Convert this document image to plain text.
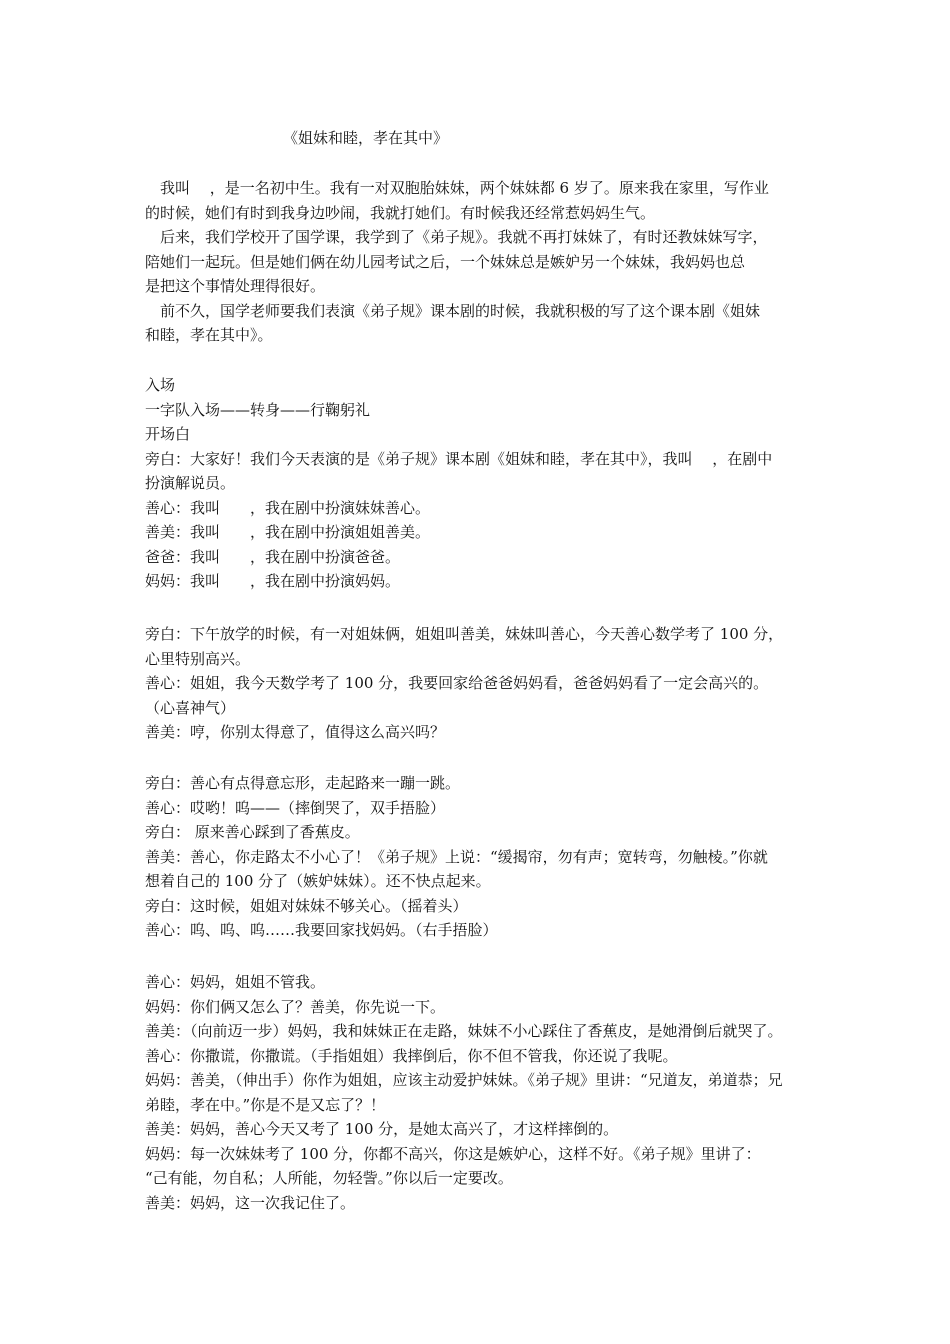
《姐妹和睦，孝在其中》
我叫　 ，是一名初中生。我有一对双胞胎妹妹，两个妹妹都 6 岁了。原来我在家里，写作业
的时候，她们有时到我身边吵闹，我就打她们。有时候我还经常惹妈妈生气。
后来，我们学校开了国学课，我学到了《弟子规》。我就不再打妹妹了，有时还教妹妹写字，
陪她们一起玩。但是她们俩在幼儿园考试之后，一个妹妹总是嫉妒另一个妹妹，我妈妈也总
是把这个事情处理得很好。
前不久，国学老师要我们表演《弟子规》课本剧的时候，我就积极的写了这个课本剧《姐妹
和睦，孝在其中》。
入场
一字队入场——转身——行鞠躬礼
开场白
旁白：大家好！我们今天表演的是《弟子规》课本剧《姐妹和睦，孝在其中》，我叫　 ，在剧中
扮演解说员。
善心：我叫　　，我在剧中扮演妹妹善心。
善美：我叫　　，我在剧中扮演姐姐善美。
爸爸：我叫　　，我在剧中扮演爸爸。
妈妈：我叫　　，我在剧中扮演妈妈。
旁白：下午放学的时候，有一对姐妹俩，姐姐叫善美，妹妹叫善心，今天善心数学考了 100 分，
心里特别高兴。
善心：姐姐，我今天数学考了 100 分，我要回家给爸爸妈妈看，爸爸妈妈看了一定会高兴的。
（心喜神气）
善美：哼，你别太得意了，值得这么高兴吗？
旁白：善心有点得意忘形，走起路来一蹦一跳。
善心：哎哟！呜——（摔倒哭了，双手捂脸）
旁白： 原来善心踩到了香蕉皮。
善美：善心，你走路太不小心了！《弟子规》上说：“缓揭帘，勿有声；宽转弯，勿触棱。”你就
想着自己的 100 分了（嫉妒妹妹）。还不快点起来。
旁白：这时候，姐姐对妹妹不够关心。（摇着头）
善心：呜、呜、呜……我要回家找妈妈。（右手捂脸）
善心：妈妈，姐姐不管我。
妈妈：你们俩又怎么了？善美，你先说一下。
善美：（向前迈一步）妈妈，我和妹妹正在走路，妹妹不小心踩住了香蕉皮，是她滑倒后就哭了。
善心：你撒谎，你撒谎。（手指姐姐）我摔倒后，你不但不管我，你还说了我呢。
妈妈：善美，（伸出手）你作为姐姐，应该主动爱护妹妹。《弟子规》里讲：“兄道友，弟道恭；兄
弟睦，孝在中。”你是不是又忘了？！
善美：妈妈，善心今天又考了 100 分，是她太高兴了，才这样摔倒的。
妈妈：每一次妹妹考了 100 分，你都不高兴，你这是嫉妒心，这样不好。《弟子规》里讲了：
“己有能，勿自私；人所能，勿轻訾。”你以后一定要改。
善美：妈妈，这一次我记住了。
